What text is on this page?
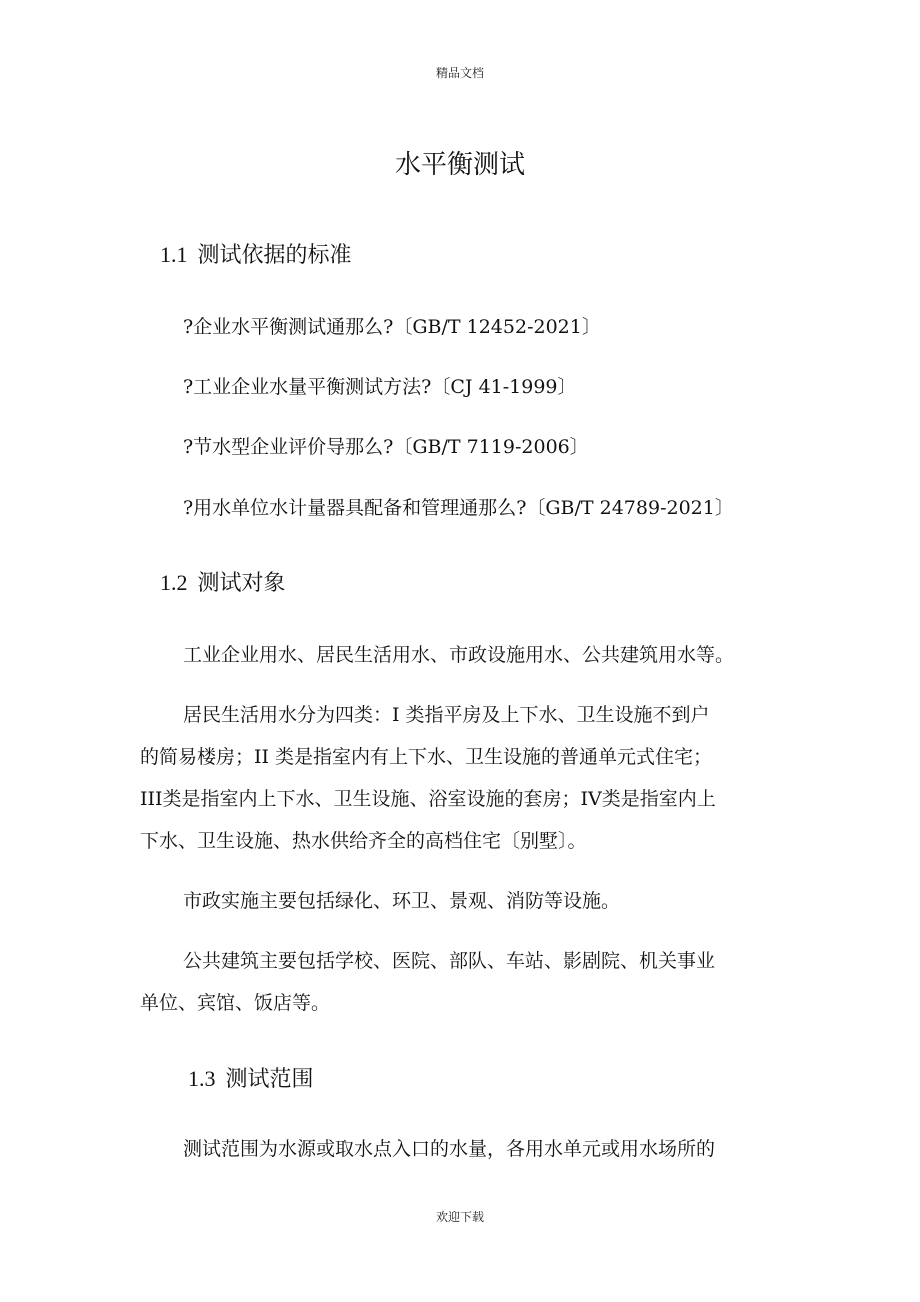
精品文档
水平衡测试
1.1 测试依据的标准
?企业水平衡测试通那么?〔GB/T 12452-2021〕
?工业企业水量平衡测试方法?〔CJ 41-1999〕
?节水型企业评价导那么?〔GB/T 7119-2006〕
?用水单位水计量器具配备和管理通那么?〔GB/T 24789-2021〕
1.2 测试对象
工业企业用水、居民生活用水、市政设施用水、公共建筑用水等。
居民生活用水分为四类：I 类指平房及上下水、卫生设施不到户
的简易楼房；II 类是指室内有上下水、卫生设施的普通单元式住宅；
III类是指室内上下水、卫生设施、浴室设施的套房；IV类是指室内上
下水、卫生设施、热水供给齐全的高档住宅〔别墅〕。
市政实施主要包括绿化、环卫、景观、消防等设施。
公共建筑主要包括学校、医院、部队、车站、影剧院、机关事业
单位、宾馆、饭店等。
1.3 测试范围
测试范围为水源或取水点入口的水量，各用水单元或用水场所的
欢迎下载
